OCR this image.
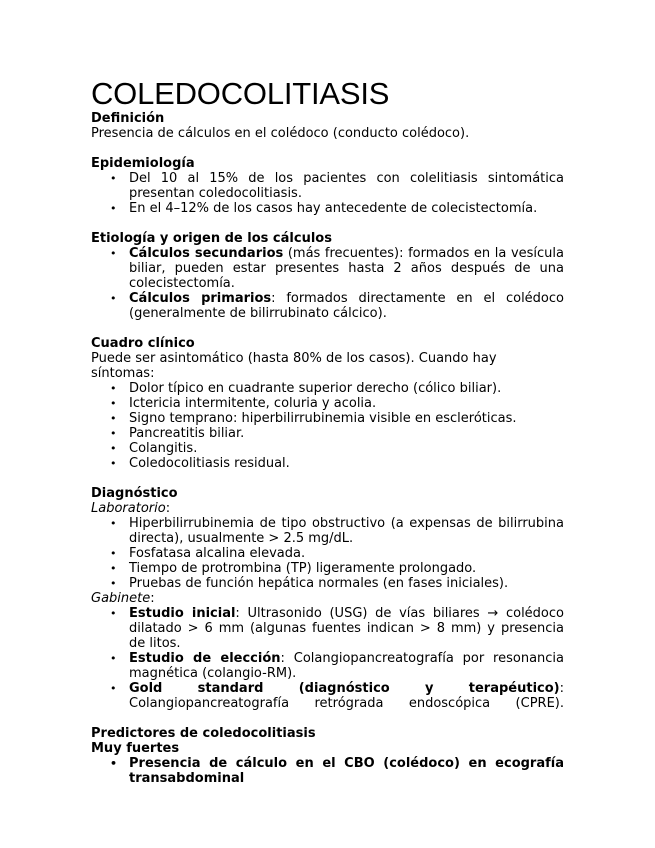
COLEDOCOLITIASIS
Definición
Presencia de cálculos en el colédoco (conducto colédoco).
Epidemiología
• Del 10 al 15% de los pacientes con colelitiasis sintomática presentan coledocolitiasis.
• En el 4–12% de los casos hay antecedente de colecistectomía.
Etiología y origen de los cálculos
• Cálculos secundarios (más frecuentes): formados en la vesícula biliar, pueden estar presentes hasta 2 años después de una colecistectomía.
• Cálculos primarios: formados directamente en el colédoco (generalmente de bilirrubinato cálcico).
Cuadro clínico
Puede ser asintomático (hasta 80% de los casos). Cuando hay síntomas:
• Dolor típico en cuadrante superior derecho (cólico biliar).
• Ictericia intermitente, coluria y acolia.
• Signo temprano: hiperbilirrubinemia visible en escleróticas.
• Pancreatitis biliar.
• Colangitis.
• Coledocolitiasis residual.
Diagnóstico
Laboratorio:
• Hiperbilirrubinemia de tipo obstructivo (a expensas de bilirrubina directa), usualmente > 2.5 mg/dL.
• Fosfatasa alcalina elevada.
• Tiempo de protrombina (TP) ligeramente prolongado.
• Pruebas de función hepática normales (en fases iniciales).
Gabinete:
• Estudio inicial: Ultrasonido (USG) de vías biliares → colédoco dilatado > 6 mm (algunas fuentes indican > 8 mm) y presencia de litos.
• Estudio de elección: Colangiopancreatografía por resonancia magnética (colangio-RM).
• Gold standard (diagnóstico y terapéutico): Colangiopancreatografía retrógrada endoscópica (CPRE).
Predictores de coledocolitiasis
Muy fuertes
• Presencia de cálculo en el CBO (colédoco) en ecografía transabdominal
